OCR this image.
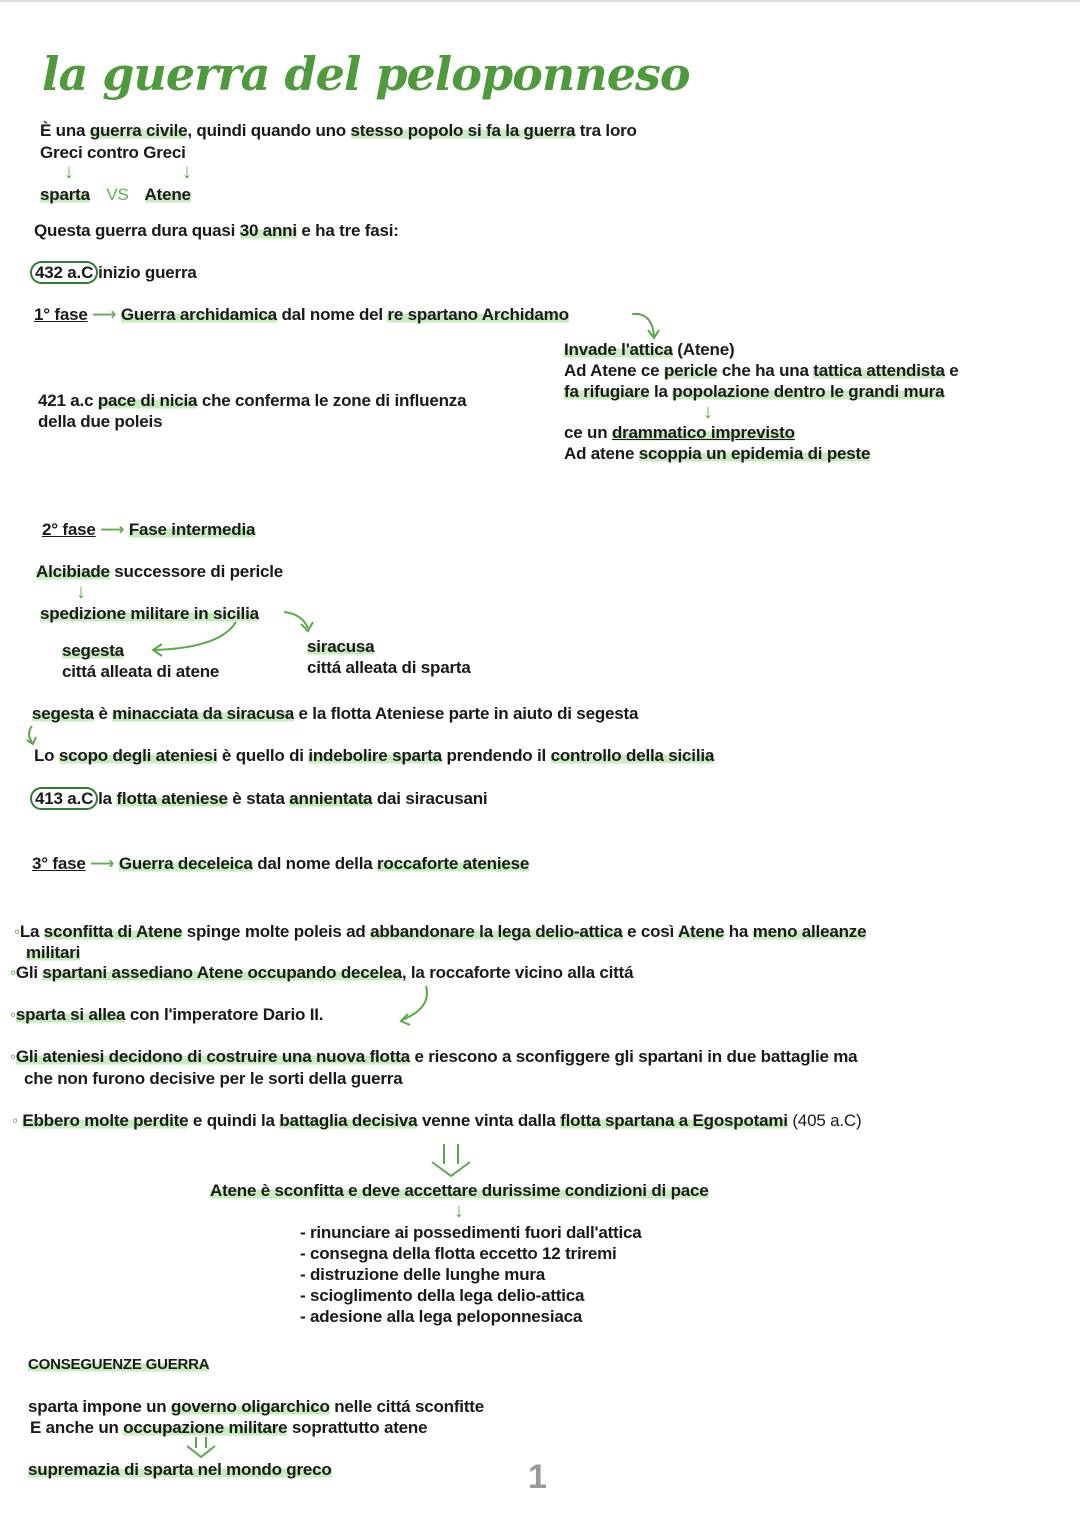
la guerra del peloponneso
È una guerra civile, quindi quando uno stesso popolo si fa la guerra tra loro
Greci contro Greci
↓	↓
sparta VS Atene
Questa guerra dura quasi 30 anni e ha tre fasi:
432 a.C inizio guerra
1° fase ⟶ Guerra archidamica dal nome del re spartano Archidamo
Invade l'attica (Atene)
Ad Atene ce pericle che ha una tattica attendista e
fa rifugiare la popolazione dentro le grandi mura
↓
ce un drammatico imprevisto
Ad atene scoppia un epidemia di peste
421 a.c pace di nicia che conferma le zone di influenza
della due poleis
2° fase ⟶ Fase intermedia
Alcibiade successore di pericle
↓
spedizione militare in sicilia
segesta
cittá alleata di atene
siracusa
cittá alleata di sparta
segesta è minacciata da siracusa e la flotta Ateniese parte in aiuto di segesta
Lo scopo degli ateniesi è quello di indebolire sparta prendendo il controllo della sicilia
413 a.C la flotta ateniese è stata annientata dai siracusani
3° fase ⟶ Guerra deceleica dal nome della roccaforte ateniese
◦La sconfitta di Atene spinge molte poleis ad abbandonare la lega delio-attica e così Atene ha meno alleanze
militari
◦Gli spartani assediano Atene occupando decelea, la roccaforte vicino alla cittá
◦sparta si allea con l'imperatore Dario II.
◦Gli ateniesi decidono di costruire una nuova flotta e riescono a sconfiggere gli spartani in due battaglie ma
che non furono decisive per le sorti della guerra
◦ Ebbero molte perdite e quindi la battaglia decisiva venne vinta dalla flotta spartana a Egospotami (405 a.C)
Atene è sconfitta e deve accettare durissime condizioni di pace
↓
- rinunciare ai possedimenti fuori dall'attica
- consegna della flotta eccetto 12 triremi
- distruzione delle lunghe mura
- scioglimento della lega delio-attica
- adesione alla lega peloponnesiaca
CONSEGUENZE GUERRA
sparta impone un governo oligarchico nelle cittá sconfitte
E anche un occupazione militare soprattutto atene
supremazia di sparta nel mondo greco	1
